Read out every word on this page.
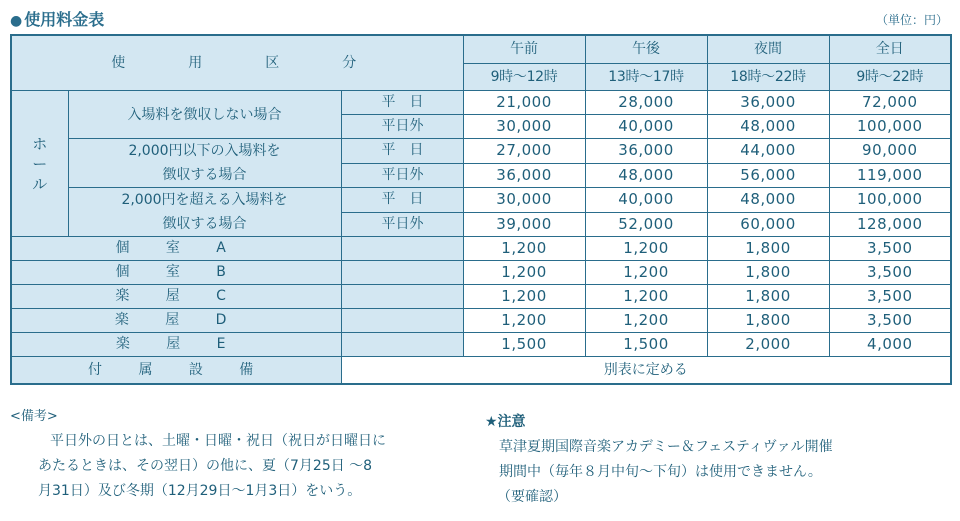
● 使用料金表	（単位：円）
使 用 区 分			午前	午後	夜間	全日
			9時～12時	13時～17時	18時～22時	9時～22時

ホ
ー
ル	入場料を徴収しない場合	平　日	21,000	28,000	36,000	72,000
		平日外	30,000	40,000	48,000	100,000
	2,000円以下の入場料を
徴収する場合	平　日	27,000	36,000	44,000	90,000
		平日外	36,000	48,000	56,000	119,000
	2,000円を超える入場料を
徴収する場合	平　日	30,000	40,000	48,000	100,000
		平日外	39,000	52,000	60,000	128,000
個　室　A			1,200	1,200	1,800	3,500
個　室　B			1,200	1,200	1,800	3,500
楽　屋　C			1,200	1,200	1,800	3,500
楽　屋　D			1,200	1,200	1,800	3,500
楽　屋　E			1,500	1,500	2,000	4,000
付　属　設　備		別表に定める				
<備考>
平日外の日とは、土曜・日曜・祝日（祝日が日曜日に
あたるときは、その翌日）の他に、夏（7月25日 ～8
月31日）及び冬期（12月29日～1月3日）をいう。
★注意
草津夏期国際音楽アカデミー＆フェスティヴァル開催
期間中（毎年８月中旬～下旬）は使用できません。
（要確認）
